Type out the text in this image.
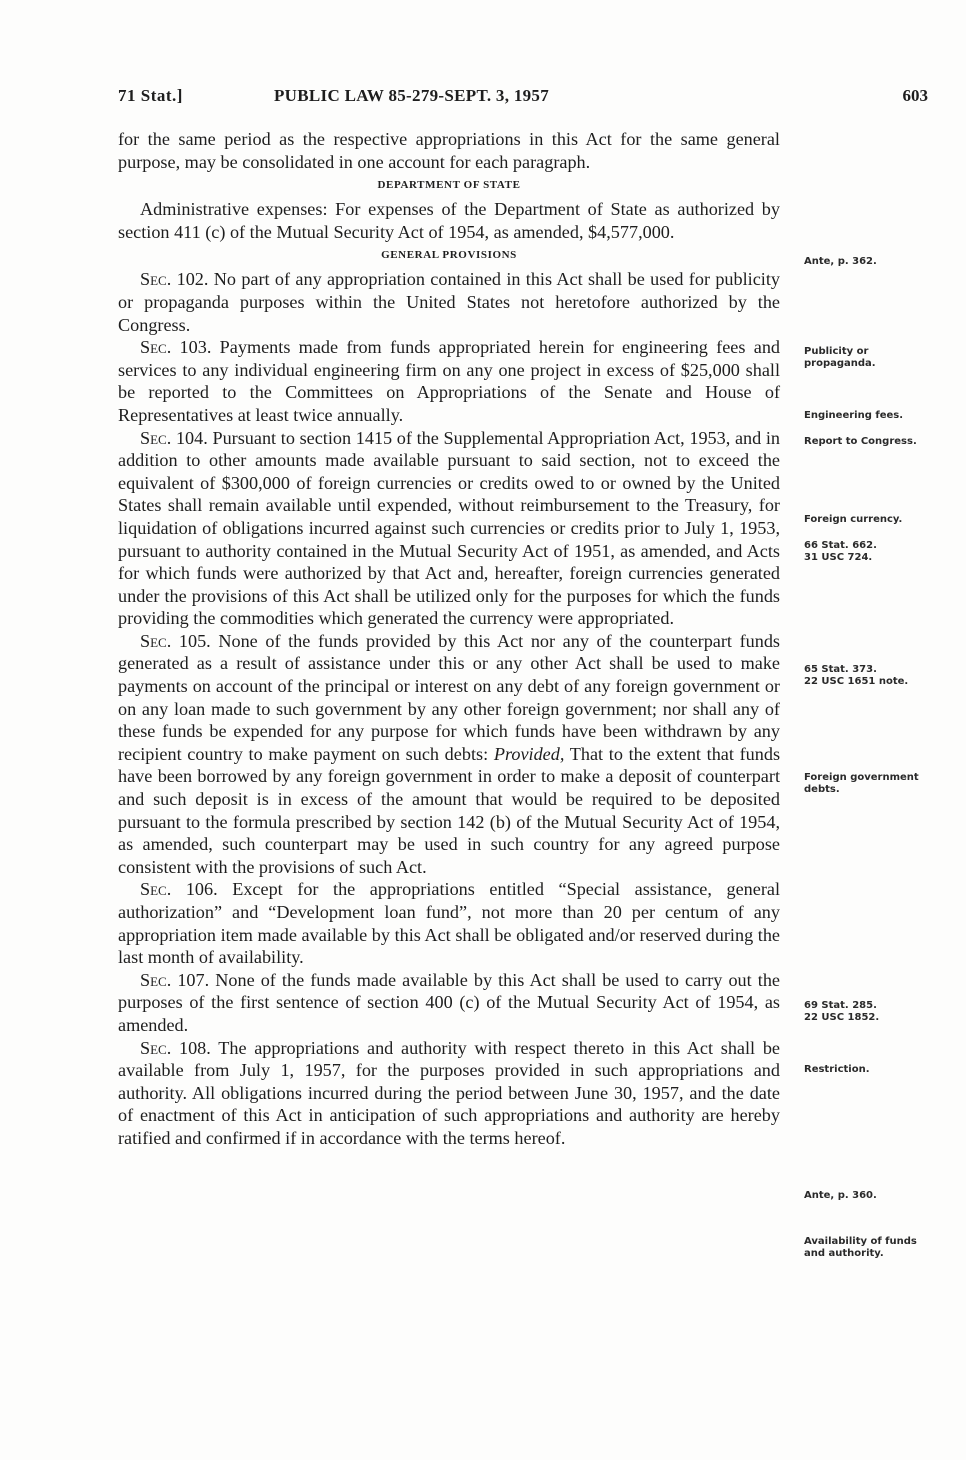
71 Stat.]	PUBLIC LAW 85-279-SEPT. 3, 1957	603

for the same period as the respective appropriations in this Act for the same general purpose, may be consolidated in one account for each paragraph.

DEPARTMENT OF STATE

Administrative expenses: For expenses of the Department of State as authorized by section 411 (c) of the Mutual Security Act of 1954, as amended, $4,577,000.

GENERAL PROVISIONS

Sec. 102. No part of any appropriation contained in this Act shall be used for publicity or propaganda purposes within the United States not heretofore authorized by the Congress.

Sec. 103. Payments made from funds appropriated herein for engineering fees and services to any individual engineering firm on any one project in excess of $25,000 shall be reported to the Committees on Appropriations of the Senate and House of Representatives at least twice annually.

Sec. 104. Pursuant to section 1415 of the Supplemental Appropriation Act, 1953, and in addition to other amounts made available pursuant to said section, not to exceed the equivalent of $300,000 of foreign currencies or credits owed to or owned by the United States shall remain available until expended, without reimbursement to the Treasury, for liquidation of obligations incurred against such currencies or credits prior to July 1, 1953, pursuant to authority contained in the Mutual Security Act of 1951, as amended, and Acts for which funds were authorized by that Act and, hereafter, foreign currencies generated under the provisions of this Act shall be utilized only for the purposes for which the funds providing the commodities which generated the currency were appropriated.

Sec. 105. None of the funds provided by this Act nor any of the counterpart funds generated as a result of assistance under this or any other Act shall be used to make payments on account of the principal or interest on any debt of any foreign government or on any loan made to such government by any other foreign government; nor shall any of these funds be expended for any purpose for which funds have been withdrawn by any recipient country to make payment on such debts: Provided, That to the extent that funds have been borrowed by any foreign government in order to make a deposit of counterpart and such deposit is in excess of the amount that would be required to be deposited pursuant to the formula prescribed by section 142 (b) of the Mutual Security Act of 1954, as amended, such counterpart may be used in such country for any agreed purpose consistent with the provisions of such Act.

Sec. 106. Except for the appropriations entitled “Special assistance, general authorization” and “Development loan fund”, not more than 20 per centum of any appropriation item made available by this Act shall be obligated and/or reserved during the last month of availability.

Sec. 107. None of the funds made available by this Act shall be used to carry out the purposes of the first sentence of section 400 (c) of the Mutual Security Act of 1954, as amended.

Sec. 108. The appropriations and authority with respect thereto in this Act shall be available from July 1, 1957, for the purposes provided in such appropriations and authority. All obligations incurred during the period between June 30, 1957, and the date of enactment of this Act in anticipation of such appropriations and authority are hereby ratified and confirmed if in accordance with the terms hereof.

Ante, p. 362.
Publicity or propaganda.
Engineering fees.
Report to Congress.
Foreign currency.
66 Stat. 662.
31 USC 724.
65 Stat. 373.
22 USC 1651 note.
Foreign government debts.
69 Stat. 285.
22 USC 1852.
Restriction.
Ante, p. 360.
Availability of funds and authority.
